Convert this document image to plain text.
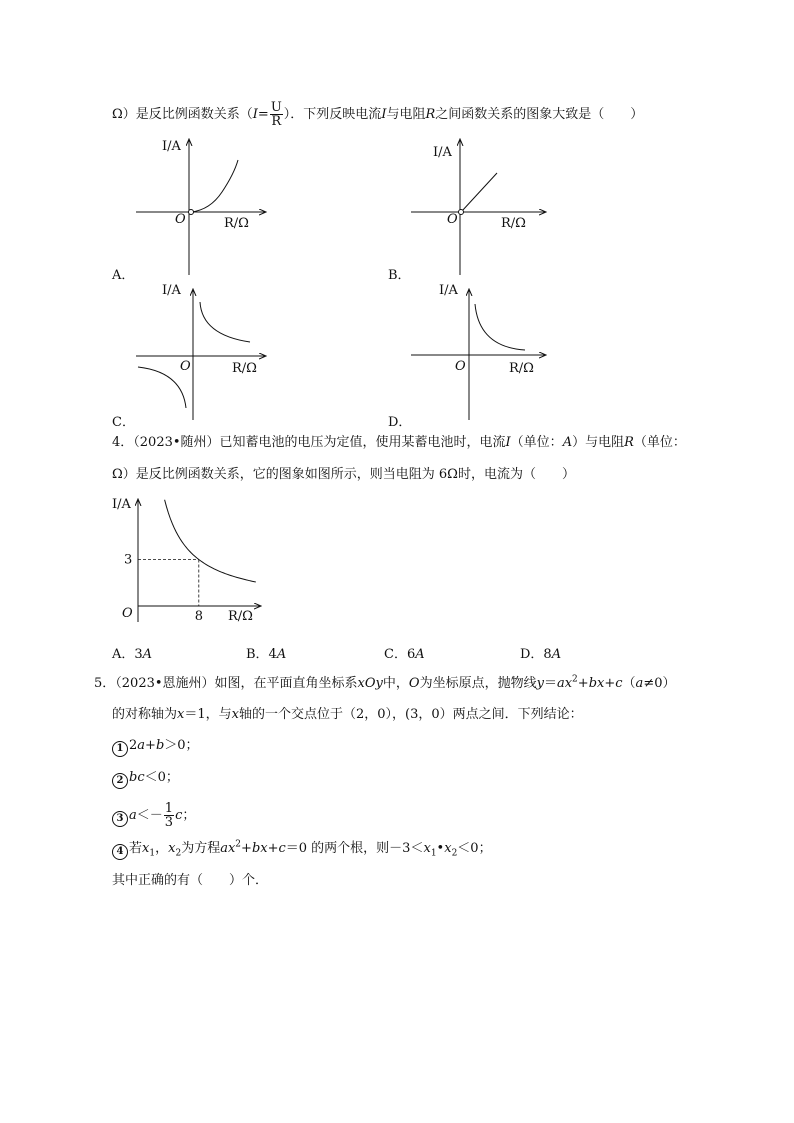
Ω）是反比例函数关系（$I= \frac{U}{R}$ ）．下列反映电流I与电阻R之间函数关系的图象大致是（　　）
I/A
O	R/Ω
A．
I/A
O	R/Ω
B．
I/A
O	R/Ω
C．
I/A
O	R/Ω
D．
4．（2023•随州）已知蓄电池的电压为定值，使用某蓄电池时，电流I（单位：A）与电阻R（单位：
Ω）是反比例函数关系，它的图象如图所示，则当电阻为 6Ω时，电流为（　　）
I/A
O
3
8 R/Ω
A．3A	B．4A	C．6A	D．8A
5．（2023•恩施州）如图，在平面直角坐标系xOy中，O为坐标原点，抛物线$y=ax^2+bx+c(a\ne 0)$
的对称轴为x＝1，与x轴的一个交点位于（2，0），(3，0）两点之间．下列结论：
1 2a+b＞0；
2 bc＜0；
3 $a<- \frac{1}{3}$ c；
4 若$x_1$，$x_2$为方程$ax^2+bx+c=0$ 的两个根，则$-3<x_1•x_2<0$；
其中正确的有（　　）个．
